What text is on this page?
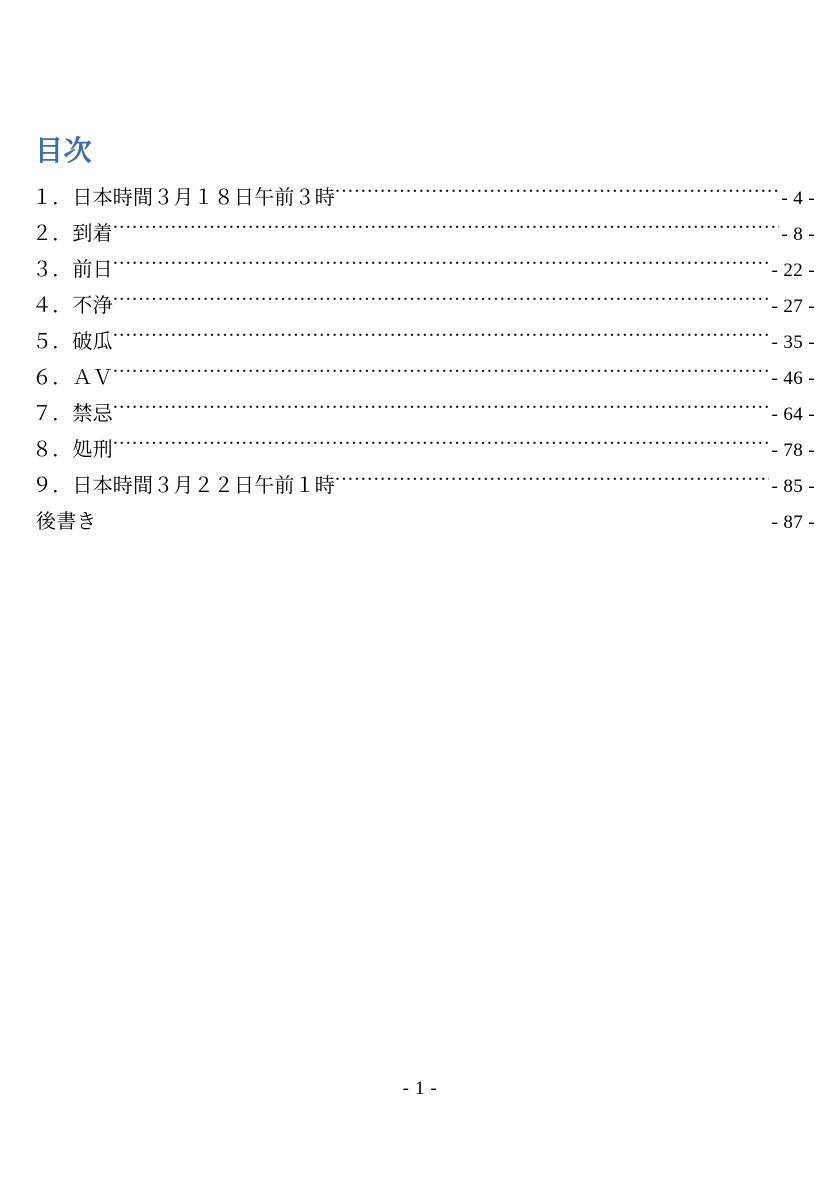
目次
１．日本時間３月１８日午前３時 .....	- 4 -
２．到着 .....	- 8 -
３．前日 .....	- 22 -
４．不浄 .....	- 27 -
５．破瓜 .....	- 35 -
６．ＡＶ .....	- 46 -
７．禁忌 .....	- 64 -
８．処刑 .....	- 78 -
９．日本時間３月２２日午前１時 .....	- 85 -
後書き	- 87 -
- 1 -
